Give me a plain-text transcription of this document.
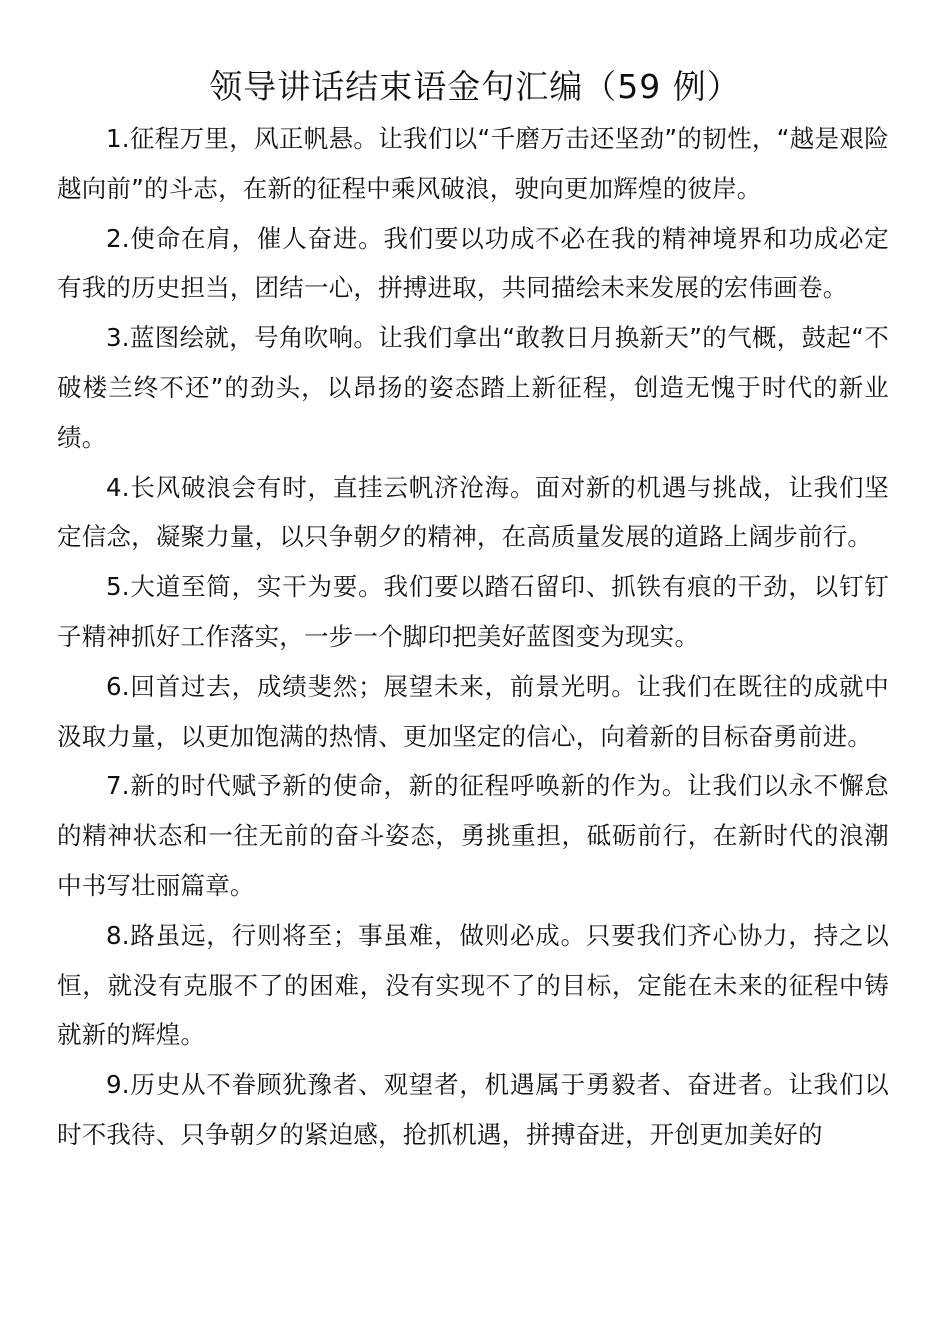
领导讲话结束语金句汇编（59 例）

1.征程万里，风正帆悬。让我们以“千磨万击还坚劲”的韧性，“越是艰险越向前”的斗志，在新的征程中乘风破浪，驶向更加辉煌的彼岸。

2.使命在肩，催人奋进。我们要以功成不必在我的精神境界和功成必定有我的历史担当，团结一心，拼搏进取，共同描绘未来发展的宏伟画卷。

3.蓝图绘就，号角吹响。让我们拿出“敢教日月换新天”的气概，鼓起“不破楼兰终不还”的劲头，以昂扬的姿态踏上新征程，创造无愧于时代的新业绩。

4.长风破浪会有时，直挂云帆济沧海。面对新的机遇与挑战，让我们坚定信念，凝聚力量，以只争朝夕的精神，在高质量发展的道路上阔步前行。

5.大道至简，实干为要。我们要以踏石留印、抓铁有痕的干劲，以钉钉子精神抓好工作落实，一步一个脚印把美好蓝图变为现实。

6.回首过去，成绩斐然；展望未来，前景光明。让我们在既往的成就中汲取力量，以更加饱满的热情、更加坚定的信心，向着新的目标奋勇前进。

7.新的时代赋予新的使命，新的征程呼唤新的作为。让我们以永不懈怠的精神状态和一往无前的奋斗姿态，勇挑重担，砥砺前行，在新时代的浪潮中书写壮丽篇章。

8.路虽远，行则将至；事虽难，做则必成。只要我们齐心协力，持之以恒，就没有克服不了的困难，没有实现不了的目标，定能在未来的征程中铸就新的辉煌。

9.历史从不眷顾犹豫者、观望者，机遇属于勇毅者、奋进者。让我们以时不我待、只争朝夕的紧迫感，抢抓机遇，拼搏奋进，开创更加美好的
